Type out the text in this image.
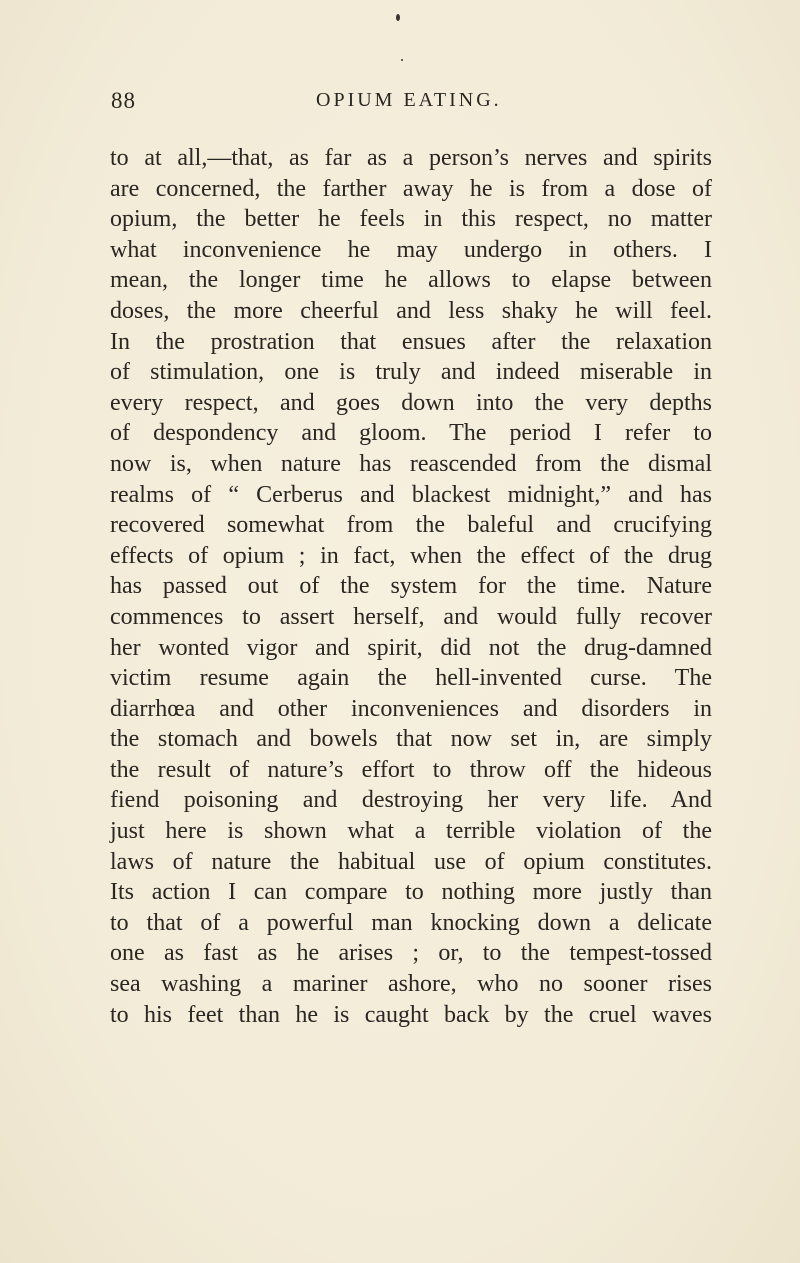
88	OPIUM EATING.
to at all,—that, as far as a person’s nerves and spirits
are concerned, the farther away he is from a dose of
opium, the better he feels in this respect, no matter
what inconvenience he may undergo in others. I
mean, the longer time he allows to elapse between
doses, the more cheerful and less shaky he will feel.
In the prostration that ensues after the relaxation
of stimulation, one is truly and indeed miserable in
every respect, and goes down into the very depths
of despondency and gloom. The period I refer to
now is, when nature has reascended from the dismal
realms of “ Cerberus and blackest midnight,” and has
recovered somewhat from the baleful and crucifying
effects of opium ; in fact, when the effect of the drug
has passed out of the system for the time. Nature
commences to assert herself, and would fully recover
her wonted vigor and spirit, did not the drug-damned
victim resume again the hell-invented curse. The
diarrhœa and other inconveniences and disorders in
the stomach and bowels that now set in, are simply
the result of nature’s effort to throw off the hideous
fiend poisoning and destroying her very life. And
just here is shown what a terrible violation of the
laws of nature the habitual use of opium constitutes.
Its action I can compare to nothing more justly than
to that of a powerful man knocking down a delicate
one as fast as he arises ; or, to the tempest-tossed
sea washing a mariner ashore, who no sooner rises
to his feet than he is caught back by the cruel waves
